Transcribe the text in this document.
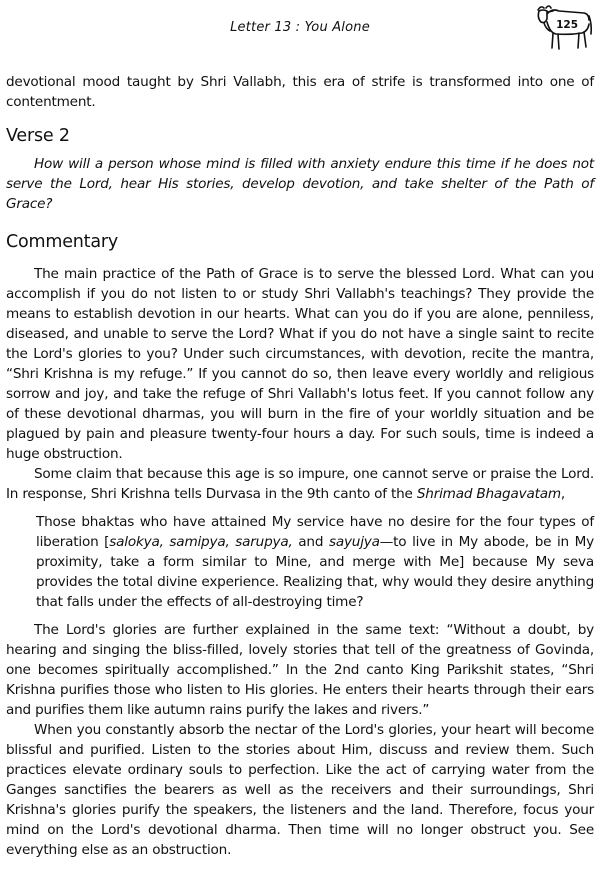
Letter 13 : You Alone	125

devotional mood taught by Shri Vallabh, this era of strife is transformed into one of contentment.

Verse 2

How will a person whose mind is filled with anxiety endure this time if he does not serve the Lord, hear His stories, develop devotion, and take shelter of the Path of Grace?

Commentary

The main practice of the Path of Grace is to serve the blessed Lord. What can you accomplish if you do not listen to or study Shri Vallabh's teachings? They provide the means to establish devotion in our hearts. What can you do if you are alone, penniless, diseased, and unable to serve the Lord? What if you do not have a single saint to recite the Lord's glories to you? Under such circumstances, with devotion, recite the mantra, “Shri Krishna is my refuge.” If you cannot do so, then leave every worldly and religious sorrow and joy, and take the refuge of Shri Vallabh's lotus feet. If you cannot follow any of these devotional dharmas, you will burn in the fire of your worldly situation and be plagued by pain and pleasure twenty-four hours a day. For such souls, time is indeed a huge obstruction.

Some claim that because this age is so impure, one cannot serve or praise the Lord. In response, Shri Krishna tells Durvasa in the 9th canto of the Shrimad Bhagavatam,

Those bhaktas who have attained My service have no desire for the four types of liberation [salokya, samipya, sarupya, and sayujya—to live in My abode, be in My proximity, take a form similar to Mine, and merge with Me] because My seva provides the total divine experience. Realizing that, why would they desire anything that falls under the effects of all-destroying time?

The Lord's glories are further explained in the same text: “Without a doubt, by hearing and singing the bliss-filled, lovely stories that tell of the greatness of Govinda, one becomes spiritually accomplished.” In the 2nd canto King Parikshit states, “Shri Krishna purifies those who listen to His glories. He enters their hearts through their ears and purifies them like autumn rains purify the lakes and rivers.”

When you constantly absorb the nectar of the Lord's glories, your heart will become blissful and purified. Listen to the stories about Him, discuss and review them. Such practices elevate ordinary souls to perfection. Like the act of carrying water from the Ganges sanctifies the bearers as well as the receivers and their surroundings, Shri Krishna's glories purify the speakers, the listeners and the land. Therefore, focus your mind on the Lord's devotional dharma. Then time will no longer obstruct you. See everything else as an obstruction.
